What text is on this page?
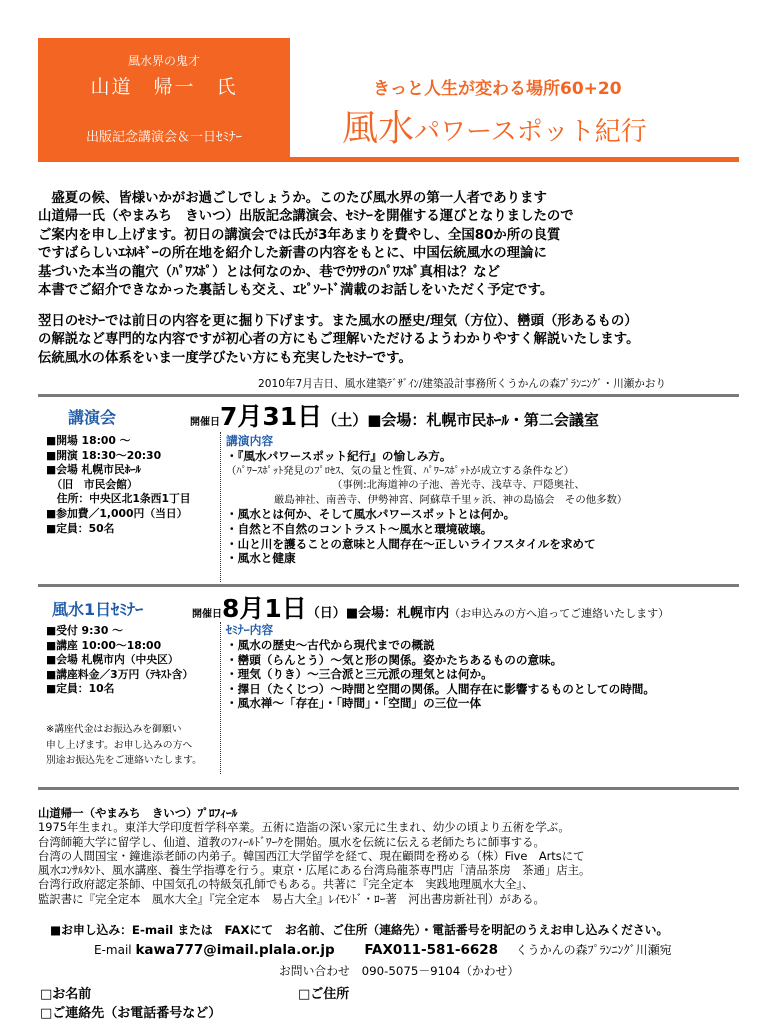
風水界の鬼才
山道　帰一　氏
出版記念講演会＆一日ｾﾐﾅｰ
きっと人生が変わる場所60+20
風水パワースポット紀行
　盛夏の候、皆様いかがお過ごしでしょうか。このたび風水界の第一人者であります
山道帰一氏（やまみち　きいつ）出版記念講演会、ｾﾐﾅｰを開催する運びとなりましたので
ご案内を申し上げます。初日の講演会では氏が3年あまりを費やし、全国80か所の良質
ですばらしいｴﾈﾙｷﾞｰの所在地を紹介した新書の内容をもとに、中国伝統風水の理論に
基づいた本当の龍穴（ﾊﾟﾜｽﾎﾟ）とは何なのか、巷でｳﾜｻのﾊﾟﾜｽﾎﾟ真相は？など
本書でご紹介できなかった裏話しも交え、ｴﾋﾟｿｰﾄﾞ満載のお話しをいただく予定です。
翌日のｾﾐﾅｰでは前日の内容を更に掘り下げます。また風水の歴史/理気（方位）、巒頭（形あるもの）
の解説など専門的な内容ですが初心者の方にもご理解いただけるようわかりやすく解説いたします。
伝統風水の体系をいま一度学びたい方にも充実したｾﾐﾅｰです。
2010年7月吉日、風水建築ﾃﾞｻﾞｲﾝ/建築設計事務所くうかんの森ﾌﾟﾗﾝﾆﾝｸﾞ・川瀬かおり
講演会	開催日7月31日（土）■会場：札幌市民ﾎｰﾙ・第二会議室
■開場 18:00 ～
■開演 18:30～20:30
■会場 札幌市民ﾎｰﾙ
　（旧　市民会館）
　住所：中央区北1条西1丁目
■参加費／1,000円（当日）
■定員：50名
講演内容
・『風水パワースポット紀行』の愉しみ方。
（ﾊﾟﾜｰｽﾎﾟｯﾄ発見のﾌﾟﾛｾｽ、気の量と性質、ﾊﾟﾜｰｽﾎﾟｯﾄが成立する条件など）
（事例:北海道神の子池、善光寺、浅草寺、戸隠奥社、
厳島神社、南善寺、伊勢神宮、阿蘇草千里ヶ浜、神の島協会　その他多数）
・風水とは何か、そして風水パワースポットとは何か。
・自然と不自然のコントラスト～風水と環境破壊。
・山と川を護ることの意味と人間存在～正しいライフスタイルを求めて
・風水と健康
風水1日ｾﾐﾅｰ	開催日8月1日（日）■会場：札幌市内（お申込みの方へ追ってご連絡いたします）
■受付 9:30 ～
■講座 10:00～18:00
■会場 札幌市内（中央区）
■講座料金／3万円（ﾃｷｽﾄ含）
■定員：10名
※講座代金はお振込みを御願い
申し上げます。お申し込みの方へ
別途お振込先をご連絡いたします。
ｾﾐﾅｰ内容
・風水の歴史～古代から現代までの概説
・巒頭（らんとう）～気と形の関係。姿かたちあるものの意味。
・理気（りき）～三合派と三元派の理気とは何か。
・擇日（たくじつ）～時間と空間の関係。人間存在に影響するものとしての時間。
・風水禅～「存在」・「時間」・「空間」の三位一体
山道帰一（やまみち　きいつ）ﾌﾟﾛﾌｨｰﾙ
1975年生まれ。東洋大学印度哲学科卒業。五術に造詣の深い家元に生まれ、幼少の頃より五術を学ぶ。
台湾師範大学に留学し、仙道、道教のﾌｨｰﾙﾄﾞﾜｰｸを開始。風水を伝統に伝える老師たちに師事する。
台湾の人間国宝・鐘進添老師の内弟子。韓国西江大学留学を経て、現在顧問を務める（株）Five　Artsにて
風水ｺﾝｻﾙﾀﾝﾄ、風水講座、養生学指導を行う。東京・広尾にある台湾烏龍茶専門店「清品茶房　茶通」店主。
台湾行政府認定茶師、中国気孔の特級気孔師でもある。共著に『完全定本　実践地理風水大全』、
監訳書に『完全定本　風水大全』『完全定本　易占大全』ﾚｲﾓﾝﾄﾞ・ﾛｰ著　河出書房新社刊）がある。
■お申し込み：E-mail または　FAXにて　お名前、ご住所（連絡先）・電話番号を明記のうえお申し込みください。
E-mail kawa777@imail.plala.or.jp FAX011-581-6628 くうかんの森ﾌﾟﾗﾝﾆﾝｸﾞ川瀬宛
お問い合わせ　090-5075－9104（かわせ）
□お名前	□ご住所
□ご連絡先（お電話番号など）
